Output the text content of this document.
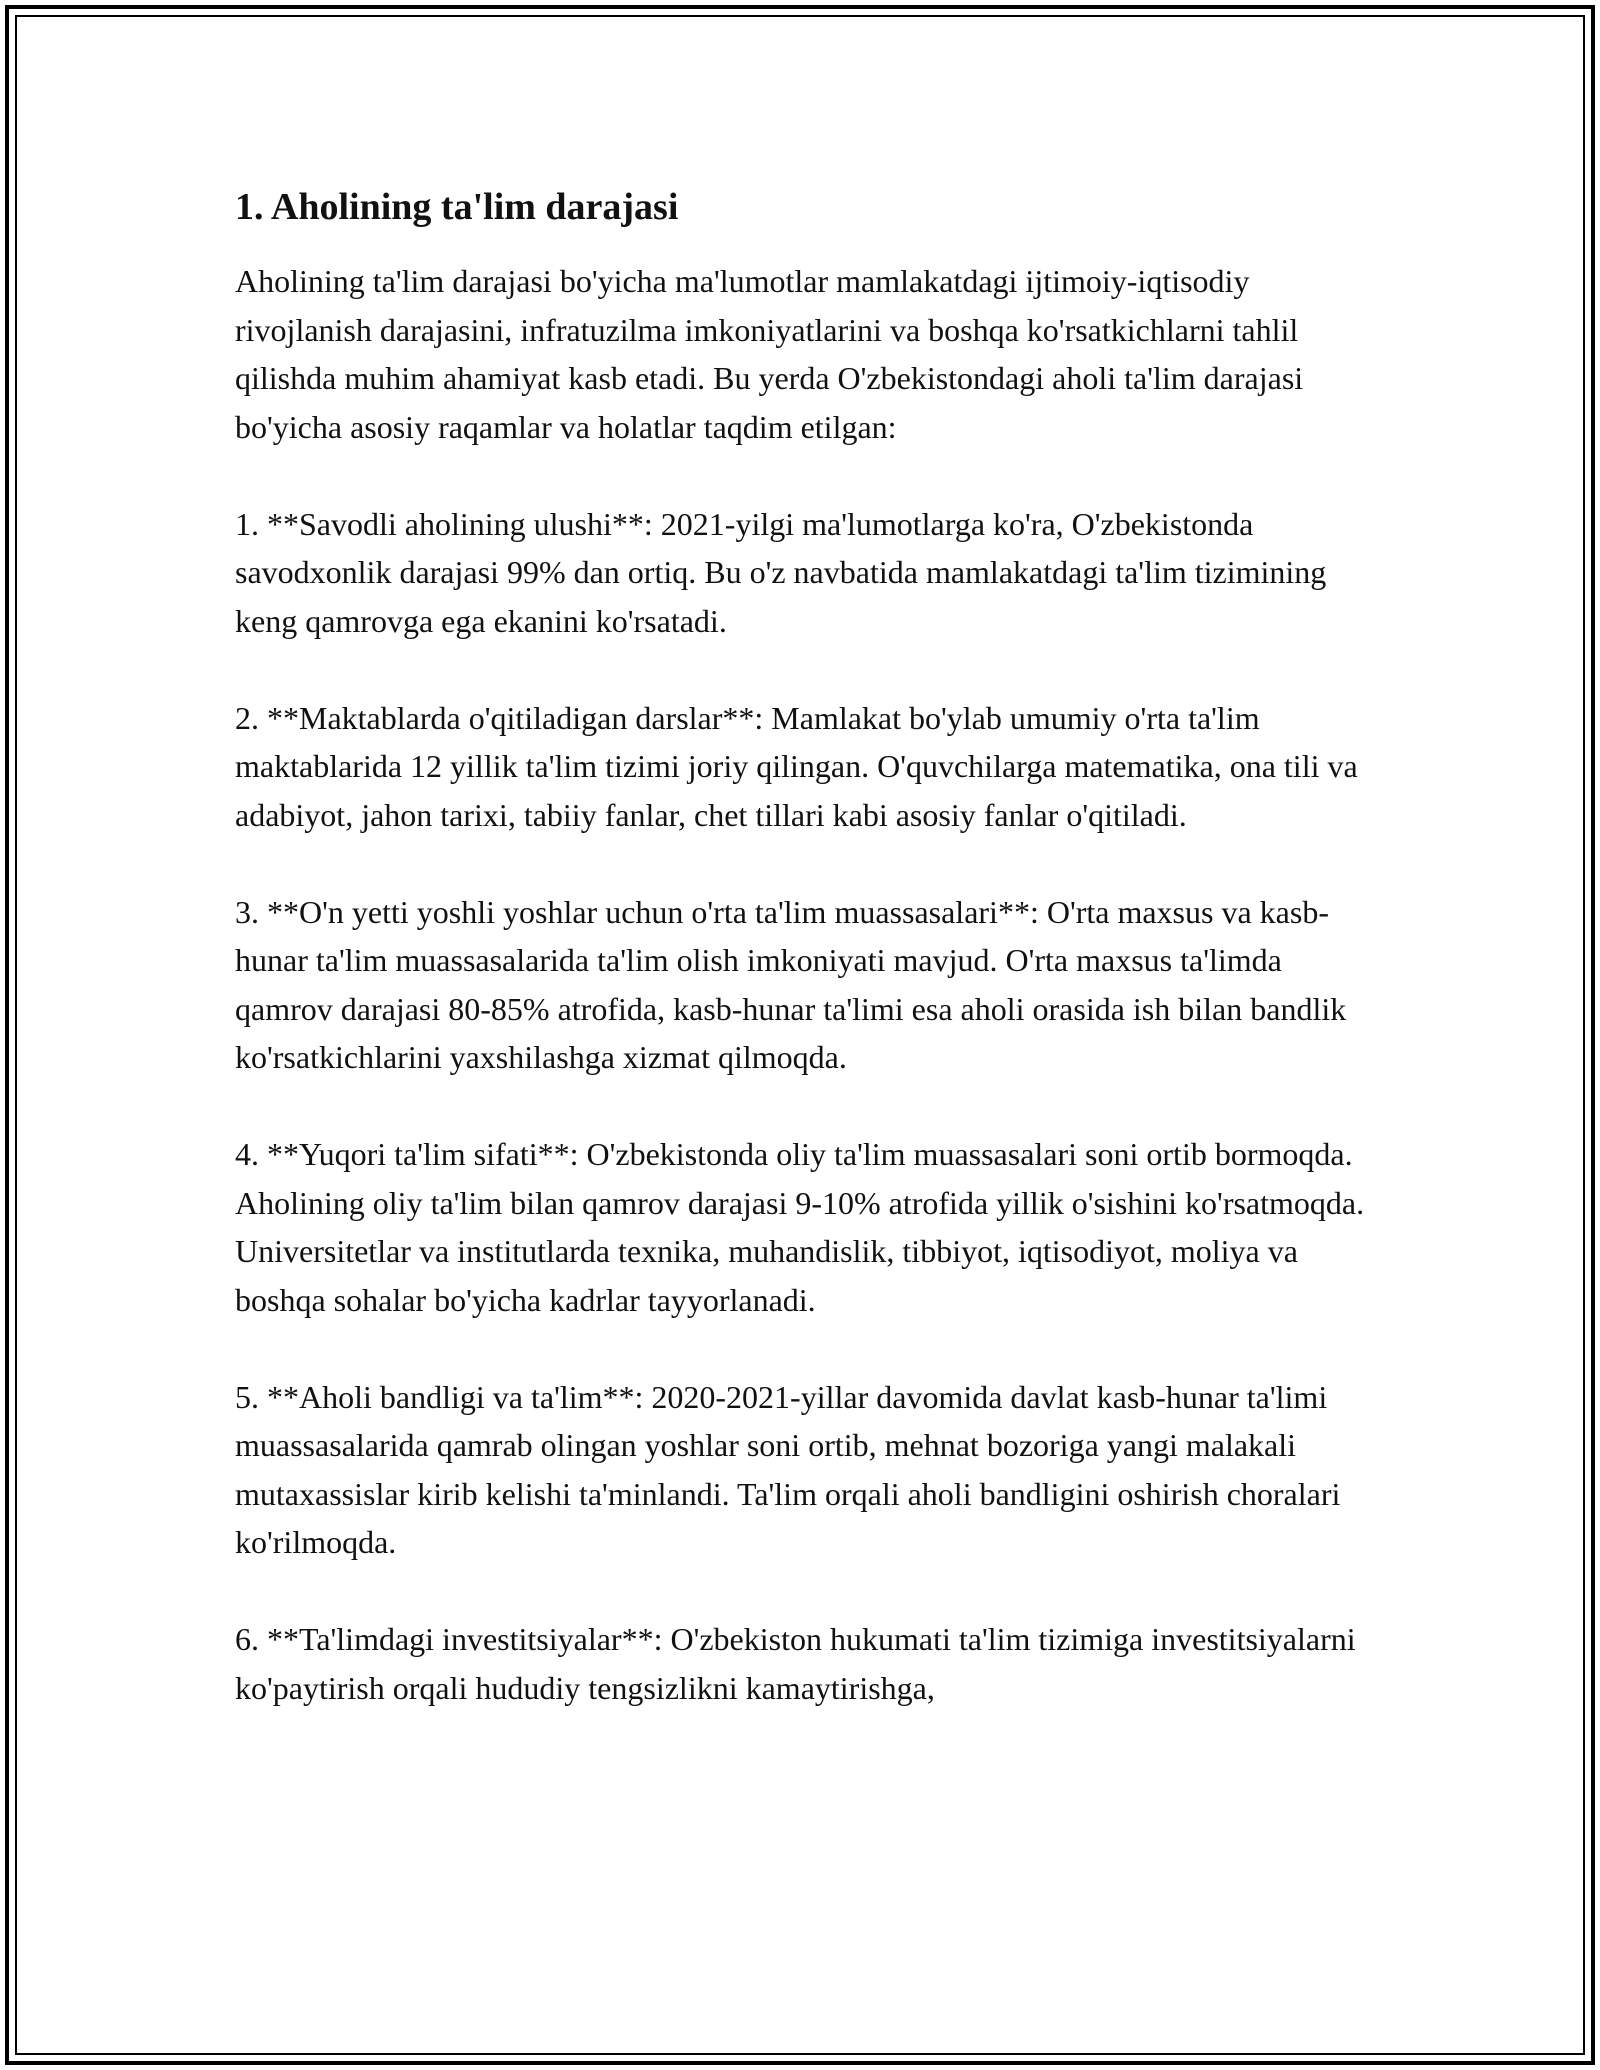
1. Aholining ta'lim darajasi

Aholining ta'lim darajasi bo'yicha ma'lumotlar mamlakatdagi ijtimoiy-iqtisodiy rivojlanish darajasini, infratuzilma imkoniyatlarini va boshqa ko'rsatkichlarni tahlil qilishda muhim ahamiyat kasb etadi. Bu yerda O'zbekistondagi aholi ta'lim darajasi bo'yicha asosiy raqamlar va holatlar taqdim etilgan:

1. **Savodli aholining ulushi**: 2021-yilgi ma'lumotlarga ko'ra, O'zbekistonda savodxonlik darajasi 99% dan ortiq. Bu o'z navbatida mamlakatdagi ta'lim tizimining keng qamrovga ega ekanini ko'rsatadi.

2. **Maktablarda o'qitiladigan darslar**: Mamlakat bo'ylab umumiy o'rta ta'lim maktablarida 12 yillik ta'lim tizimi joriy qilingan. O'quvchilarga matematika, ona tili va adabiyot, jahon tarixi, tabiiy fanlar, chet tillari kabi asosiy fanlar o'qitiladi.

3. **O'n yetti yoshli yoshlar uchun o'rta ta'lim muassasalari**: O'rta maxsus va kasb-hunar ta'lim muassasalarida ta'lim olish imkoniyati mavjud. O'rta maxsus ta'limda qamrov darajasi 80-85% atrofida, kasb-hunar ta'limi esa aholi orasida ish bilan bandlik ko'rsatkichlarini yaxshilashga xizmat qilmoqda.

4. **Yuqori ta'lim sifati**: O'zbekistonda oliy ta'lim muassasalari soni ortib bormoqda. Aholining oliy ta'lim bilan qamrov darajasi 9-10% atrofida yillik o'sishini ko'rsatmoqda. Universitetlar va institutlarda texnika, muhandislik, tibbiyot, iqtisodiyot, moliya va boshqa sohalar bo'yicha kadrlar tayyorlanadi.

5. **Aholi bandligi va ta'lim**: 2020-2021-yillar davomida davlat kasb-hunar ta'limi muassasalarida qamrab olingan yoshlar soni ortib, mehnat bozoriga yangi malakali mutaxassislar kirib kelishi ta'minlandi. Ta'lim orqali aholi bandligini oshirish choralari ko'rilmoqda.

6. **Ta'limdagi investitsiyalar**: O'zbekiston hukumati ta'lim tizimiga investitsiyalarni ko'paytirish orqali hududiy tengsizlikni kamaytirishga,
